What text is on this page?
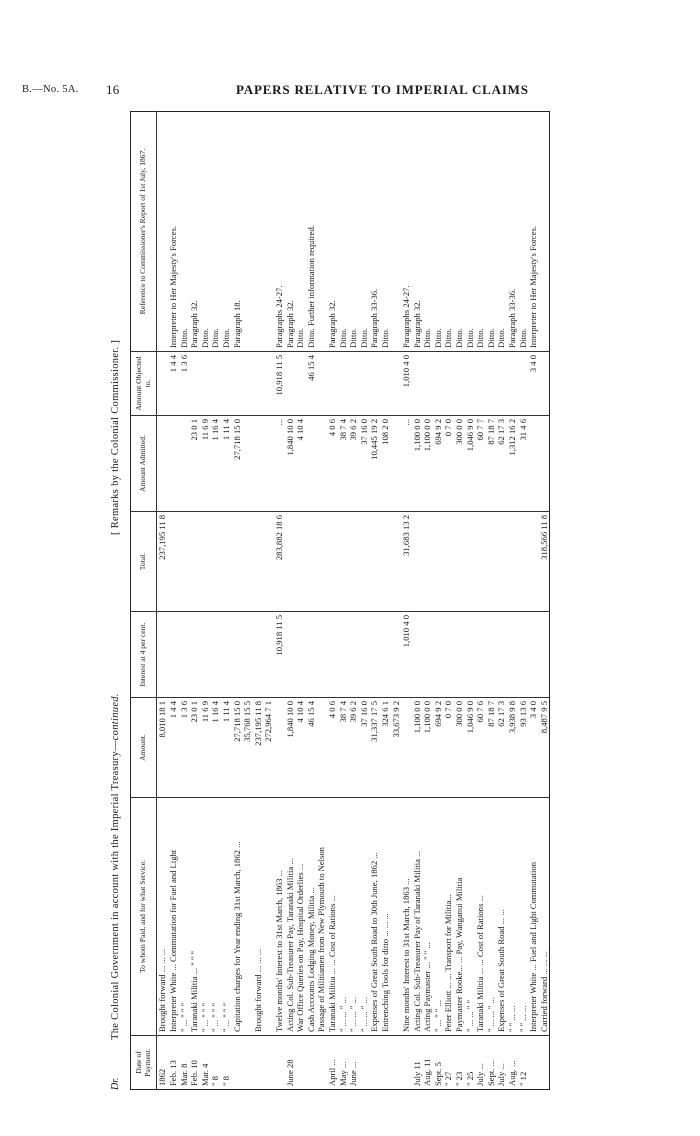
B.—No. 5A. 16	PAPERS RELATIVE TO IMPERIAL CLAIMS
Dr.
The Colonial Government in account with the Imperial Treasury—continued.
[ Remarks by the Colonial Commissioner. ]
Date of Payment.	To whom Paid, and for what Service.	Amount.	Interest at 4 per cent.	Total.	Amount Admitted.	Amount Objected to.	Reference to Commissioner's Report of 1st July, 1867.
1862	Brought forward ... ... ...	8,010 18 1		237,195 11 8			
Feb. 13	Interpreter White ... Commutation for Fuel and Light	1 4 4				1 4 4	Interpreter to Her Majesty's Forces.
Mar. 8	" ... " " "	1 3 6				1 3 6	Ditto.
Feb. 10	Taranaki Militia ... " " "	23 0 1			23 0 1		Paragraph 32.
Mar. 4	" ... " " "	11 6 9			11 6 9		Ditto.
" 8	" ... " " "	1 16 4			1 16 4		Ditto.
" 8	" ... " " "	1 11 4			1 11 4		Ditto.
	Capitation charges for Year ending 31st March, 1862 ...	27,718 15 0			27,718 15 0		Paragraph 18.
		35,768 15 5					
	Brought forward ... ... ...	237,195 11 8					
		272,964 7 1					
	Twelve months' Interest to 31st March, 1863 ...		10,918 11 5	283,882 18 6	...	10,918 11 5	Paragraphs 24-27.
June 28	Acting Col. Sub-Treasurer Pay, Taranaki Militia ...	1,840 10 0			1,840 10 0		Paragraph 32.
	War Office Queries on Pay, Hospital Orderlies ...	4 10 4			4 10 4		Ditto.
	Cash Accounts Lodging Money, Militia ...	46 15 4				46 15 4	Ditto. Further information required.
	Passage of Militiamen from New Plymouth to Nelson						
April ...	Taranaki Militia ... ... Cost of Rations ...	4 0 6			4 0 6		Paragraph 32.
May ...	" ... ... " ...	38 7 4			38 7 4		Ditto.
June ...	" ... ... " ...	39 6 2			39 6 2		Ditto.
	" ... ... " ...	37 16 0			37 16 0		Ditto.
	Expenses of Great South Road to 30th June, 1862 ...	31,337 17 5			10,445 19 2		Paragraph 33-36.
	Entrenching Tools for ditto ... ... ...	324 6 1			108 2 0		Ditto.
		33,673 9 2					
	Nine months' Interest to 31st March, 1863 ...		1,010 4 0	31,683 13 2	...	1,010 4 0	Paragraphs 24-27.
July 11	Acting Col. Sub-Treasurer Pay of Taranaki Militia ...	1,100 0 0			1,100 0 0		Paragraph 32.
Aug. 11	Acting Paymaster ... " " ...	1,100 0 0			1,100 0 0		Ditto.
Sept. 5	" ... " " ...	694 9 2			694 9 2		Ditto.
" 27	Peter Elliott ... ... Transport for Militia...	0 7 0			0 7 0		Ditto.
" 23	Paymaster Rooke... ... Pay, Wanganui Militia	300 0 0			300 0 0		Ditto.
" 25	" ... ... " "	1,046 9 0			1,046 9 0		Ditto.
July ...	Taranaki Militia ... ... Cost of Rations ...	60 7 6			60 7 7		Ditto.
Sept. ...	" ... ... " ...	87 18 7			87 18 7		Ditto.
July ...	Expenses of Great South Road ... ...	62 17 3			62 17 3		Ditto.
Aug. ...	" " ... ...	3,938 9 8			1,312 16 2		Paragraph 33-36.
" 12	" " ... ...	93 13 6			31 4 6		Ditto.
	Interpreter White ... Fuel and Light Commutation	3 4 0				3 4 0	Interpreter to Her Majesty's Forces.
	Carried forward ... ... ...	8,487 9 5		318,566 11 8			
